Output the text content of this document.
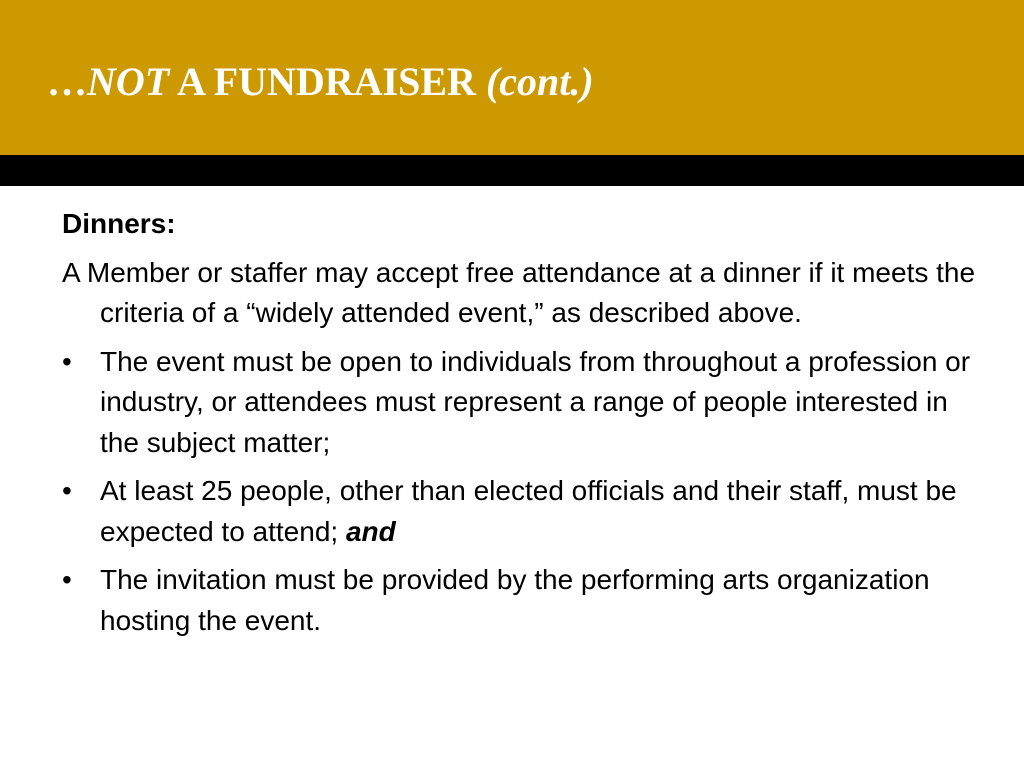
…NOT A FUNDRAISER (cont.)
Dinners:
A Member or staffer may accept free attendance at a dinner if it meets the criteria of a “widely attended event,” as described above.
• The event must be open to individuals from throughout a profession or industry, or attendees must represent a range of people interested in the subject matter;
• At least 25 people, other than elected officials and their staff, must be expected to attend; and
• The invitation must be provided by the performing arts organization hosting the event.
